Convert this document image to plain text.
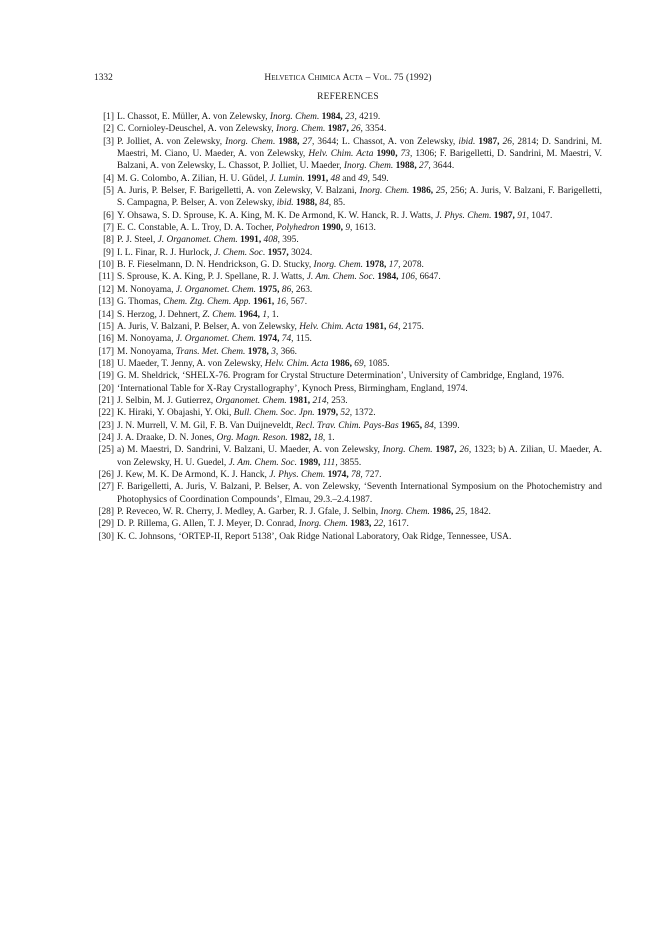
1332	Helvetica Chimica Acta – Vol. 75 (1992)
REFERENCES
[1] L. Chassot, E. Müller, A. von Zelewsky, Inorg. Chem. 1984, 23, 4219.
[2] C. Cornioley-Deuschel, A. von Zelewsky, Inorg. Chem. 1987, 26, 3354.
[3] P. Jolliet, A. von Zelewsky, Inorg. Chem. 1988, 27, 3644; L. Chassot, A. von Zelewsky, ibid. 1987, 26, 2814; D. Sandrini, M. Maestri, M. Ciano, U. Maeder, A. von Zelewsky, Helv. Chim. Acta 1990, 73, 1306; F. Barigelletti, D. Sandrini, M. Maestri, V. Balzani, A. von Zelewsky, L. Chassot, P. Jolliet, U. Maeder, Inorg. Chem. 1988, 27, 3644.
[4] M. G. Colombo, A. Zilian, H. U. Güdel, J. Lumin. 1991, 48 and 49, 549.
[5] A. Juris, P. Belser, F. Barigelletti, A. von Zelewsky, V. Balzani, Inorg. Chem. 1986, 25, 256; A. Juris, V. Balzani, F. Barigelletti, S. Campagna, P. Belser, A. von Zelewsky, ibid. 1988, 84, 85.
[6] Y. Ohsawa, S. D. Sprouse, K. A. King, M. K. De Armond, K. W. Hanck, R. J. Watts, J. Phys. Chem. 1987, 91, 1047.
[7] E. C. Constable, A. L. Troy, D. A. Tocher, Polyhedron 1990, 9, 1613.
[8] P. J. Steel, J. Organomet. Chem. 1991, 408, 395.
[9] I. L. Finar, R. J. Hurlock, J. Chem. Soc. 1957, 3024.
[10] B. F. Fieselmann, D. N. Hendrickson, G. D. Stucky, Inorg. Chem. 1978, 17, 2078.
[11] S. Sprouse, K. A. King, P. J. Spellane, R. J. Watts, J. Am. Chem. Soc. 1984, 106, 6647.
[12] M. Nonoyama, J. Organomet. Chem. 1975, 86, 263.
[13] G. Thomas, Chem. Ztg. Chem. App. 1961, 16, 567.
[14] S. Herzog, J. Dehnert, Z. Chem. 1964, 1, 1.
[15] A. Juris, V. Balzani, P. Belser, A. von Zelewsky, Helv. Chim. Acta 1981, 64, 2175.
[16] M. Nonoyama, J. Organomet. Chem. 1974, 74, 115.
[17] M. Nonoyama, Trans. Met. Chem. 1978, 3, 366.
[18] U. Maeder, T. Jenny, A. von Zelewsky, Helv. Chim. Acta 1986, 69, 1085.
[19] G. M. Sheldrick, ‘SHELX-76. Program for Crystal Structure Determination’, University of Cambridge, England, 1976.
[20] ‘International Table for X-Ray Crystallography’, Kynoch Press, Birmingham, England, 1974.
[21] J. Selbin, M. J. Gutierrez, Organomet. Chem. 1981, 214, 253.
[22] K. Hiraki, Y. Obajashi, Y. Oki, Bull. Chem. Soc. Jpn. 1979, 52, 1372.
[23] J. N. Murrell, V. M. Gil, F. B. Van Duijneveldt, Recl. Trav. Chim. Pays-Bas 1965, 84, 1399.
[24] J. A. Draake, D. N. Jones, Org. Magn. Reson. 1982, 18, 1.
[25] a) M. Maestri, D. Sandrini, V. Balzani, U. Maeder, A. von Zelewsky, Inorg. Chem. 1987, 26, 1323; b) A. Zilian, U. Maeder, A. von Zelewsky, H. U. Guedel, J. Am. Chem. Soc. 1989, 111, 3855.
[26] J. Kew, M. K. De Armond, K. J. Hanck, J. Phys. Chem. 1974, 78, 727.
[27] F. Barigelletti, A. Juris, V. Balzani, P. Belser, A. von Zelewsky, ‘Seventh International Symposium on the Photochemistry and Photophysics of Coordination Compounds’, Elmau, 29.3.–2.4.1987.
[28] P. Reveceo, W. R. Cherry, J. Medley, A. Garber, R. J. Gfale, J. Selbin, Inorg. Chem. 1986, 25, 1842.
[29] D. P. Rillema, G. Allen, T. J. Meyer, D. Conrad, Inorg. Chem. 1983, 22, 1617.
[30] K. C. Johnsons, ‘ORTEP-II, Report 5138’, Oak Ridge National Laboratory, Oak Ridge, Tennessee, USA.
